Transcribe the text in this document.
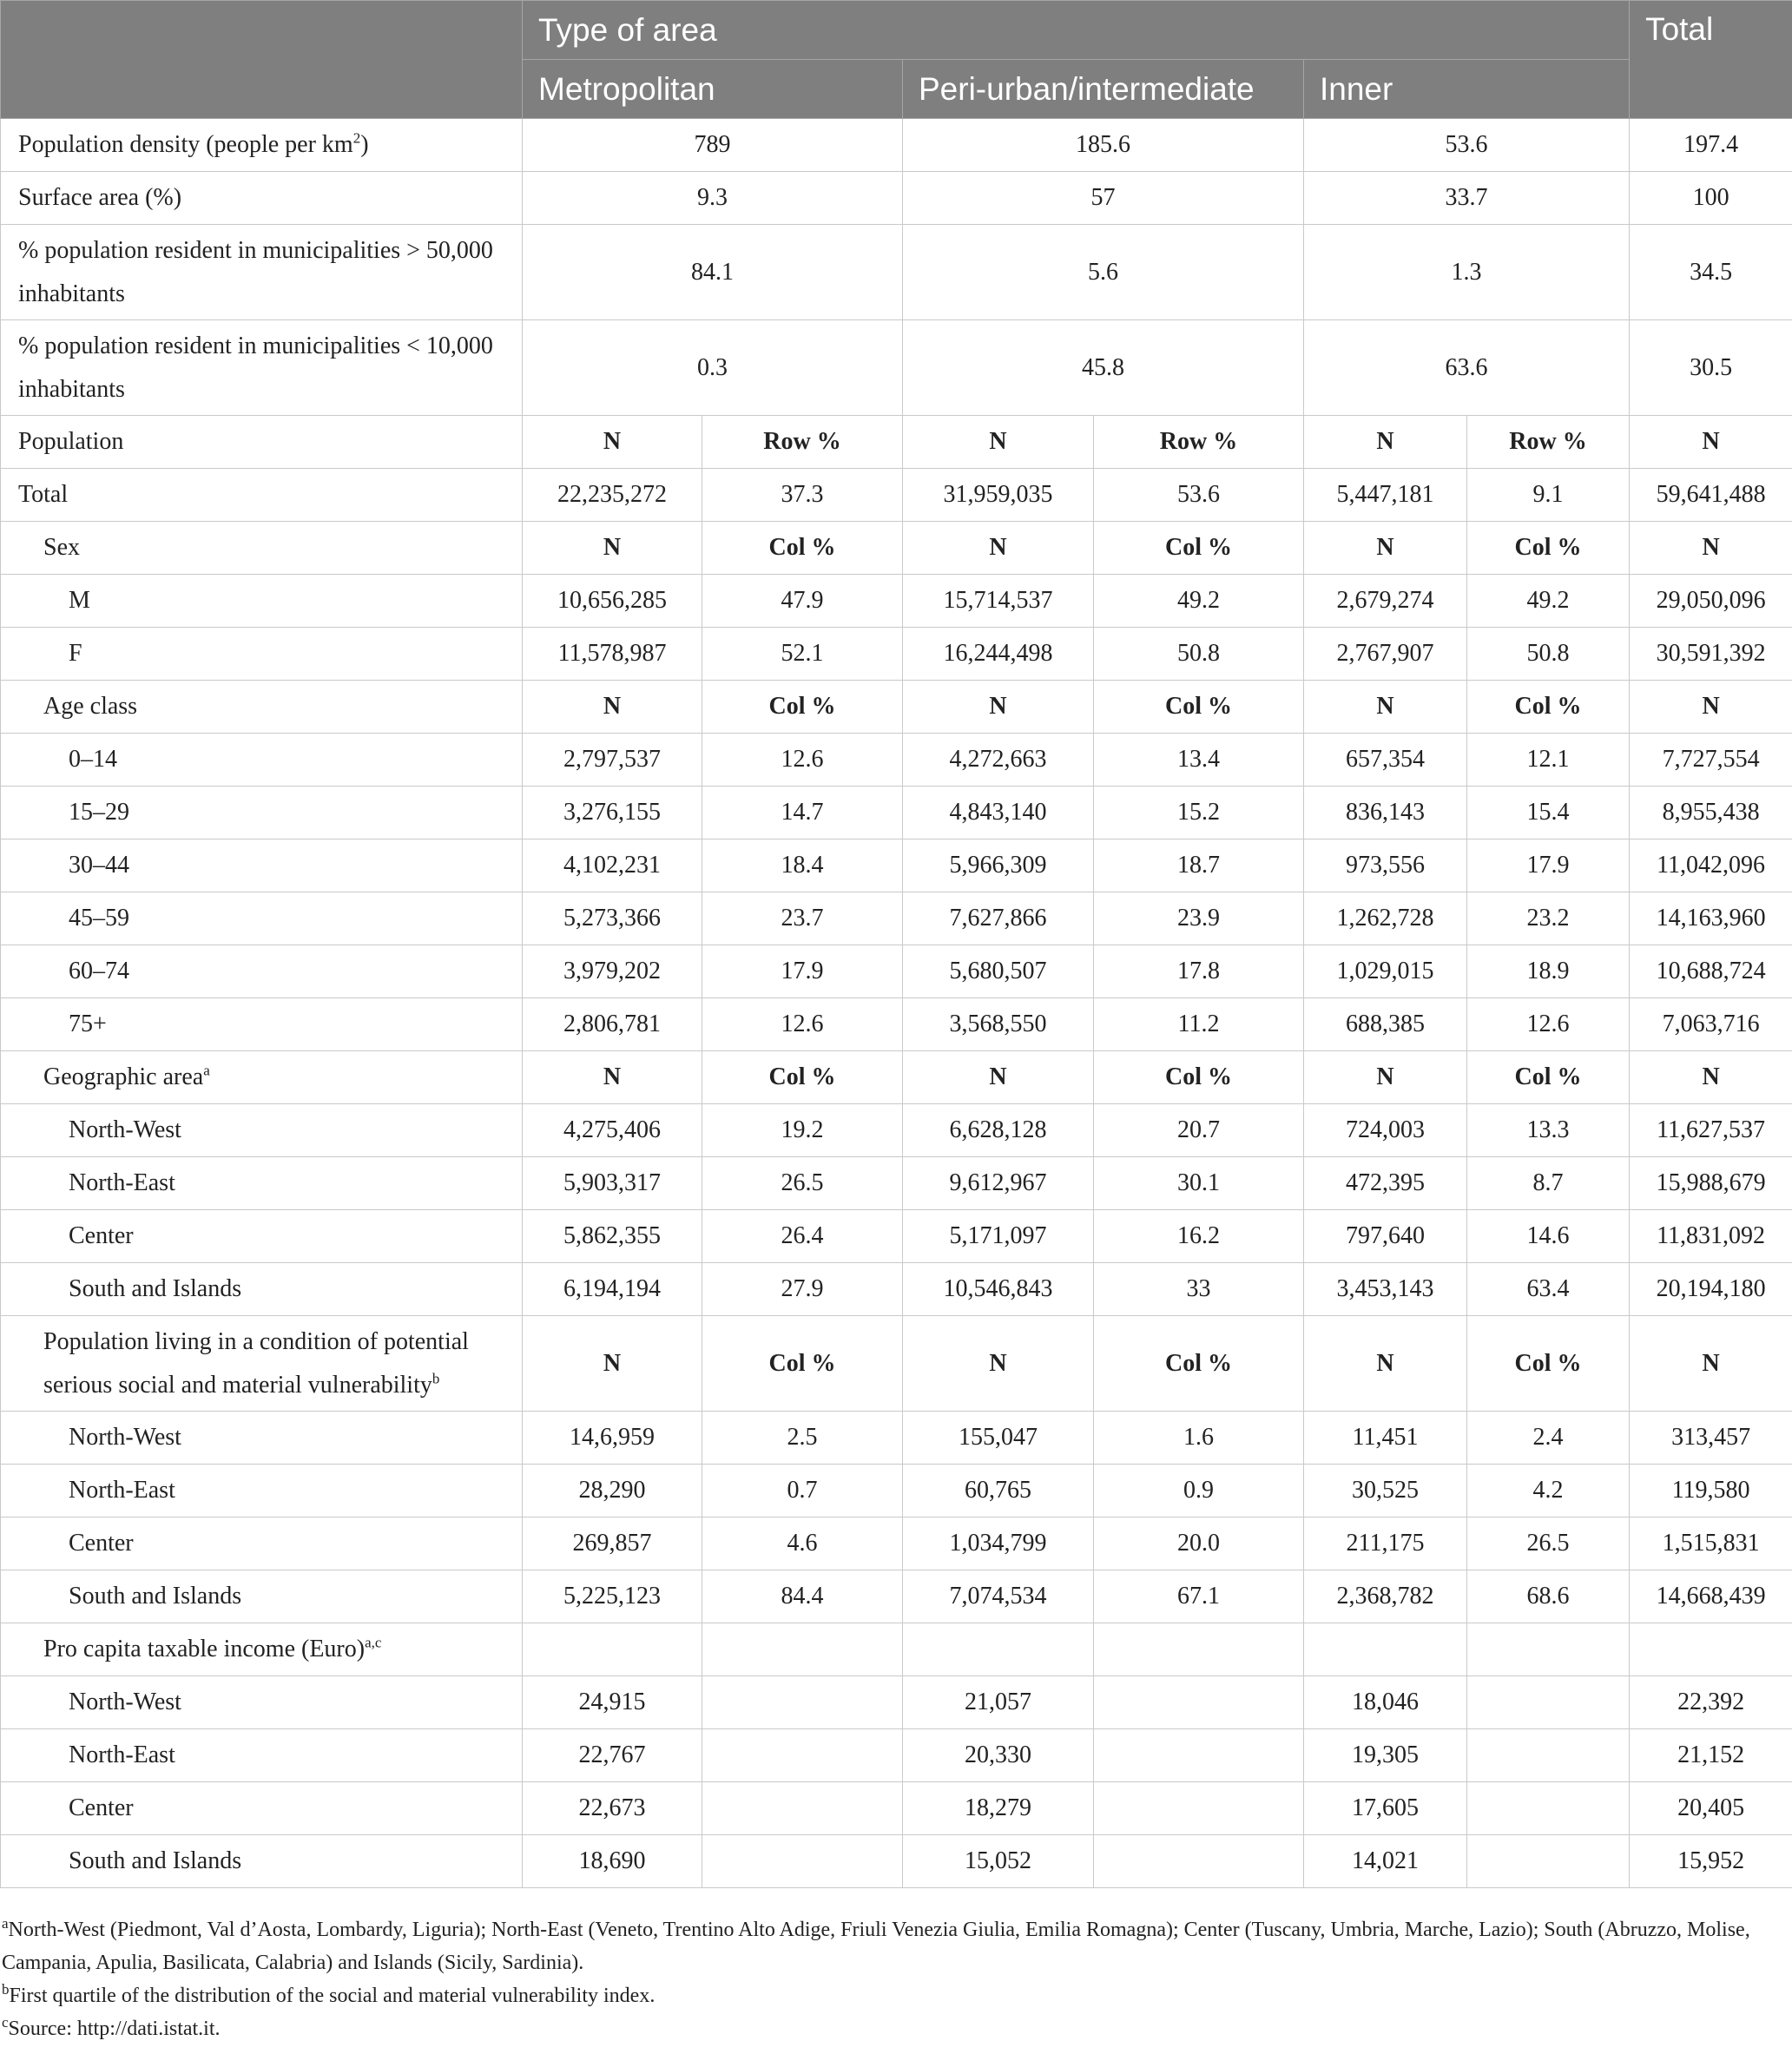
	Type of area						Total
	Metropolitan		Peri-urban/intermediate		Inner		
Population density (people per $km^2$)	789		185.6		53.6		197.4
Surface area (%)	9.3		57		33.7		100
% population resident in municipalities > 50,000 inhabitants	84.1		5.6		1.3		34.5
% population resident in municipalities < 10,000 inhabitants	0.3		45.8		63.6		30.5
Population	N	Row %	N	Row %	N	Row %	N
Total	22,235,272	37.3	31,959,035	53.6	5,447,181	9.1	59,641,488
Sex	N	Col %	N	Col %	N	Col %	N
M	10,656,285	47.9	15,714,537	49.2	2,679,274	49.2	29,050,096
F	11,578,987	52.1	16,244,498	50.8	2,767,907	50.8	30,591,392
Age class	N	Col %	N	Col %	N	Col %	N
0–14	2,797,537	12.6	4,272,663	13.4	657,354	12.1	7,727,554
15–29	3,276,155	14.7	4,843,140	15.2	836,143	15.4	8,955,438
30–44	4,102,231	18.4	5,966,309	18.7	973,556	17.9	11,042,096
45–59	5,273,366	23.7	7,627,866	23.9	1,262,728	23.2	14,163,960
60–74	3,979,202	17.9	5,680,507	17.8	1,029,015	18.9	10,688,724
75+	2,806,781	12.6	3,568,550	11.2	688,385	12.6	7,063,716
Geographic area$^a$	N	Col %	N	Col %	N	Col %	N
North-West	4,275,406	19.2	6,628,128	20.7	724,003	13.3	11,627,537
North-East	5,903,317	26.5	9,612,967	30.1	472,395	8.7	15,988,679
Center	5,862,355	26.4	5,171,097	16.2	797,640	14.6	11,831,092
South and Islands	6,194,194	27.9	10,546,843	33	3,453,143	63.4	20,194,180
Population living in a condition of potential serious social and material vulnerability$^b$	N	Col %	N	Col %	N	Col %	N
North-West	14,6,959	2.5	155,047	1.6	11,451	2.4	313,457
North-East	28,290	0.7	60,765	0.9	30,525	4.2	119,580
Center	269,857	4.6	1,034,799	20.0	211,175	26.5	1,515,831
South and Islands	5,225,123	84.4	7,074,534	67.1	2,368,782	68.6	14,668,439
Pro capita taxable income (Euro)$^{a,c}$							
North-West	24,915		21,057		18,046		22,392
North-East	22,767		20,330		19,305		21,152
Center	22,673		18,279		17,605		20,405
South and Islands	18,690		15,052		14,021		15,952
$^a$North-West (Piedmont, Val d’Aosta, Lombardy, Liguria); North-East (Veneto, Trentino Alto Adige, Friuli Venezia Giulia, Emilia Romagna); Center (Tuscany, Umbria, Marche, Lazio); South (Abruzzo, Molise, Campania, Apulia, Basilicata, Calabria) and Islands (Sicily, Sardinia).
$^b$First quartile of the distribution of the social and material vulnerability index.
$^c$Source: http://dati.istat.it.
